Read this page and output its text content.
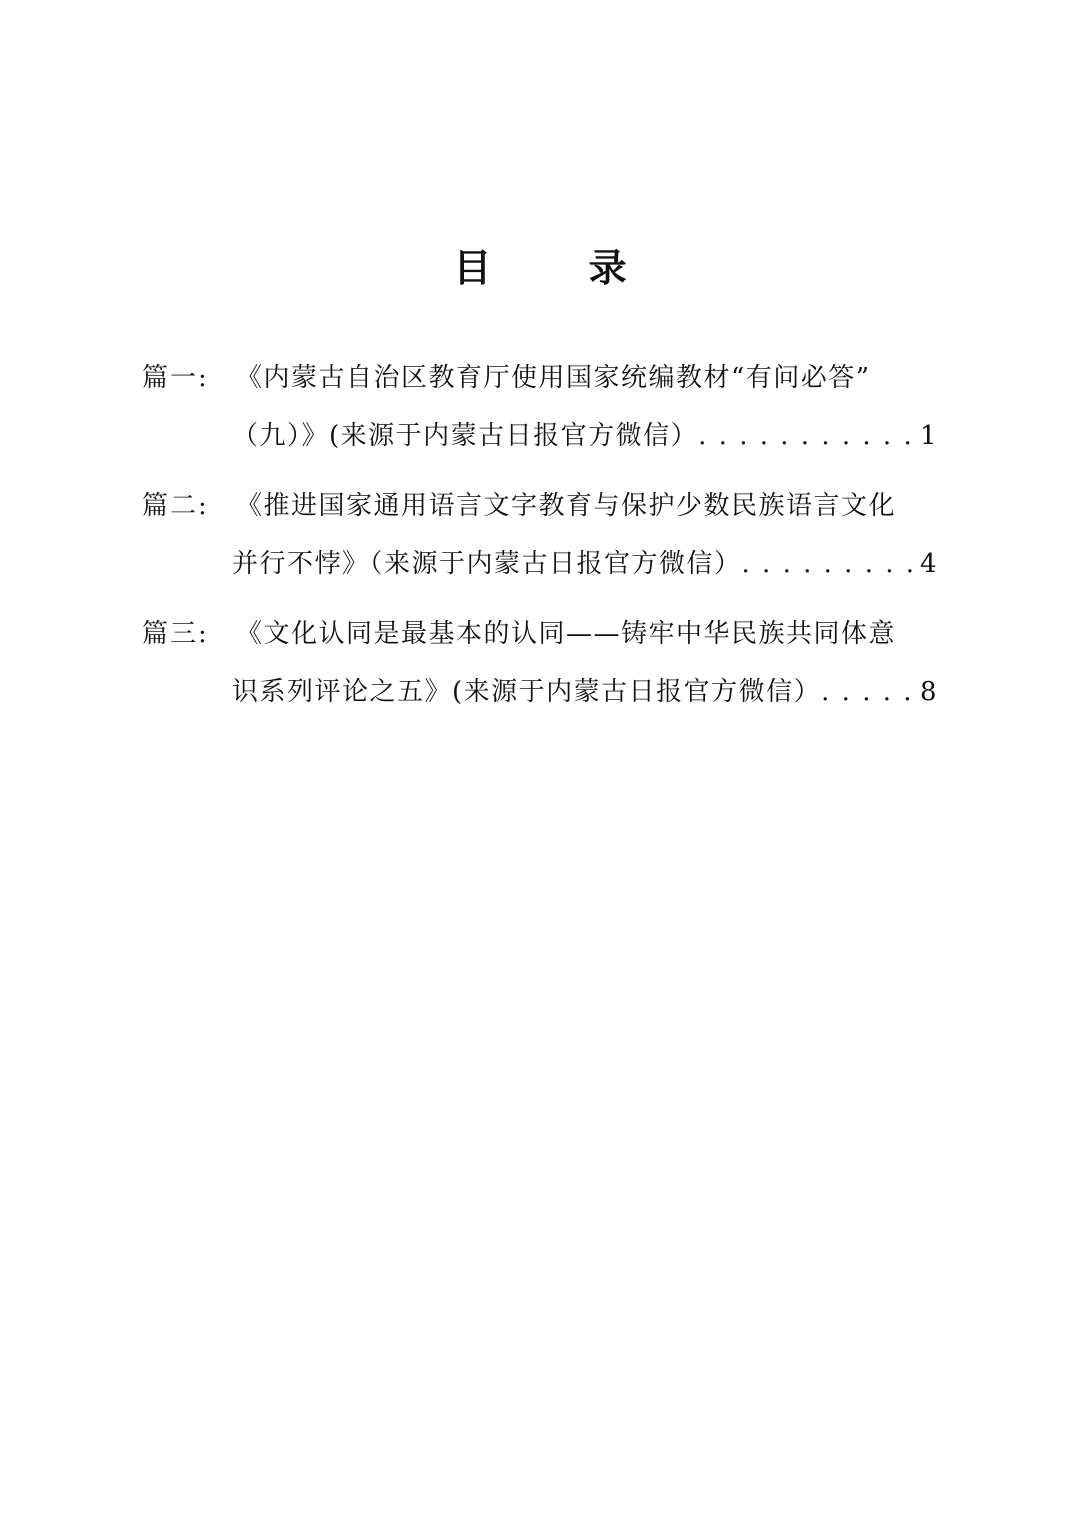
目 录
篇一: 《内蒙古自治区教育厅使用国家统编教材“有问必答”
（九）》(来源于内蒙古日报官方微信） . . .	1
篇二: 《推进国家通用语言文字教育与保护少数民族语言文化
并行不悖》（来源于内蒙古日报官方微信） . . .	4
篇三: 《文化认同是最基本的认同——铸牢中华民族共同体意
识系列评论之五》(来源于内蒙古日报官方微信） . . .	8
